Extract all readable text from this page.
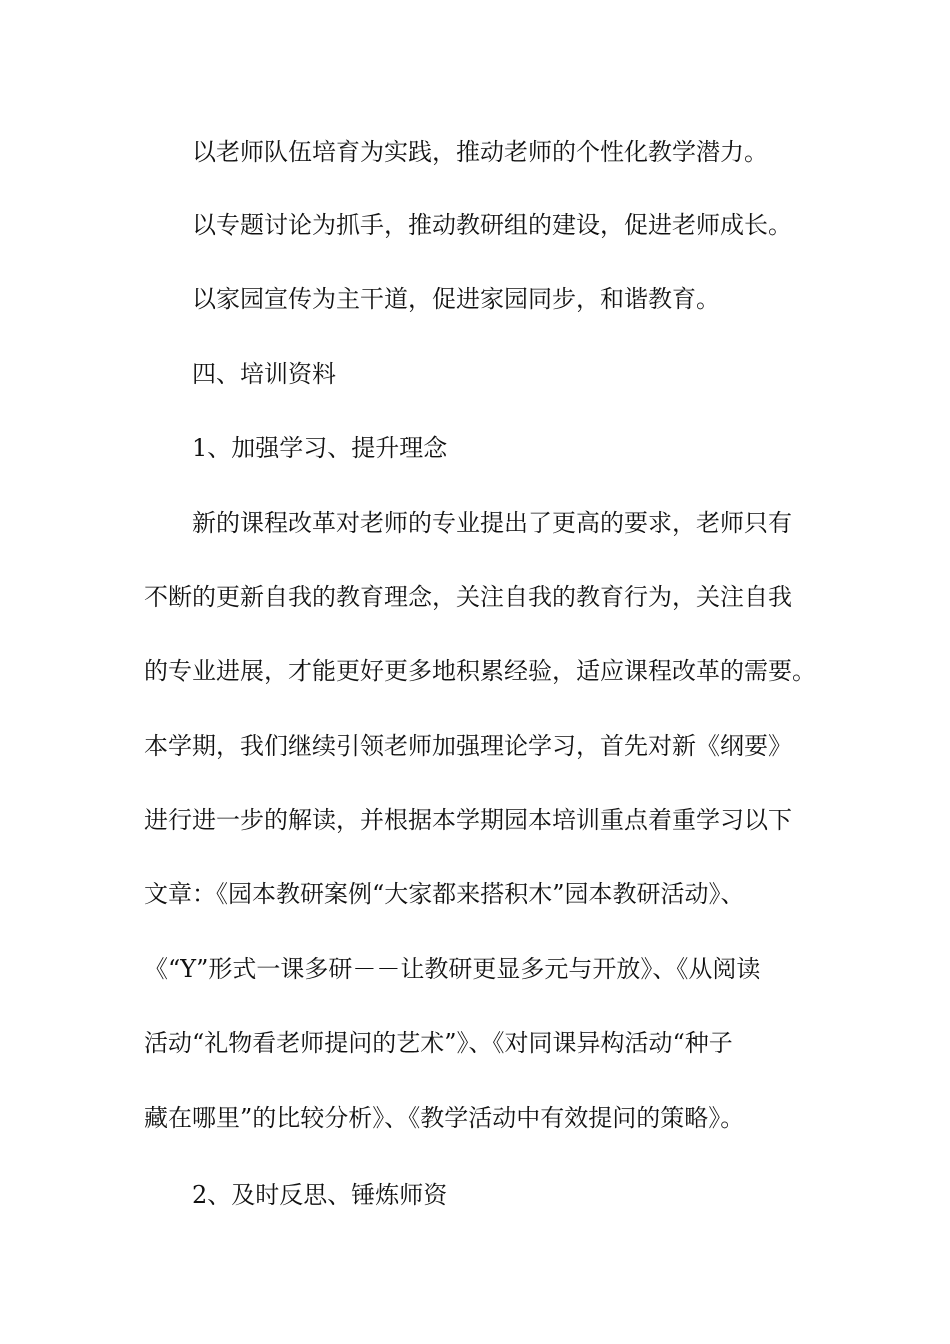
以老师队伍培育为实践，推动老师的个性化教学潜力。

以专题讨论为抓手，推动教研组的建设，促进老师成长。

以家园宣传为主干道，促进家园同步，和谐教育。

四、培训资料

1、加强学习、提升理念

新的课程改革对老师的专业提出了更高的要求，老师只有

不断的更新自我的教育理念，关注自我的教育行为，关注自我

的专业进展，才能更好更多地积累经验，适应课程改革的需要。

本学期，我们继续引领老师加强理论学习，首先对新《纲要》

进行进一步的解读，并根据本学期园本培训重点着重学习以下

文章：《园本教研案例“大家都来搭积木”园本教研活动》、

《“Y”形式一课多研－－让教研更显多元与开放》、《从阅读

活动“礼物看老师提问的艺术”》、《对同课异构活动“种子

藏在哪里”的比较分析》、《教学活动中有效提问的策略》。

2、及时反思、锤炼师资
